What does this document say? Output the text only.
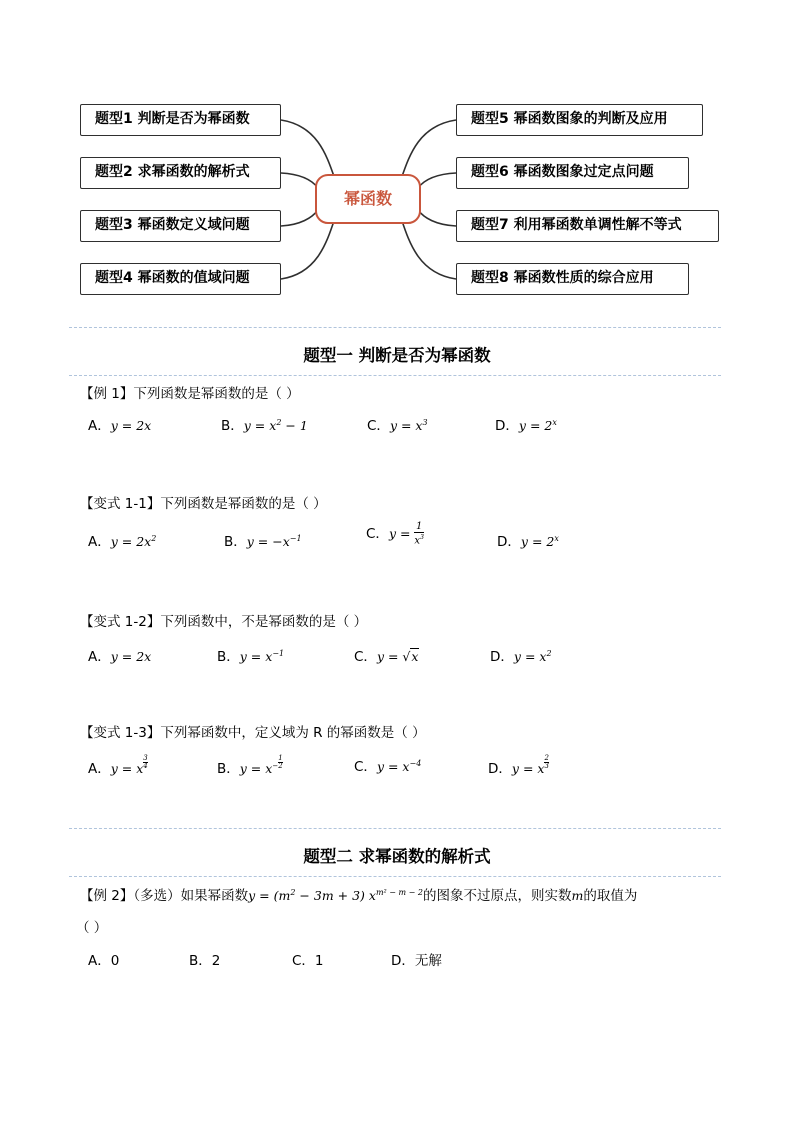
题型1 判断是否为幂函数
题型2 求幂函数的解析式
题型3 幂函数定义域问题
题型4 幂函数的值域问题
幂函数
题型5 幂函数图象的判断及应用
题型6 幂函数图象过定点问题
题型7 利用幂函数单调性解不等式
题型8 幂函数性质的综合应用
题型一 判断是否为幂函数
【例 1】下列函数是幂函数的是（ ）
A．y = 2x	B．$y = x^2 - 1$	C．$y = x^3$	D．$y = 2^x$
【变式 1-1】下列函数是幂函数的是（ ）
A．$y = 2x^2$	B．$y = -x^{-1}$	C．$y = \frac{1}{x^3}$	D．$y = 2^x$
【变式 1-2】下列函数中，不是幂函数的是（ ）
A．y = 2x	B．$y = x^{-1}$	C．y = √x	D．$y = x^2$
【变式 1-3】下列幂函数中，定义域为 R 的幂函数是（ ）
A．y = x $\frac{3}{4}$	B．$y = x - \frac{1}{2}$	C．$y = x^{-4}$	D．y = x $\frac{2}{3}$
题型二 求幂函数的解析式
【例 2】（多选）如果幂函数$y = (m^2 - 3m + 3)$ $x^{m^2 - m - 2}$的图象不过原点，则实数m的取值为
（ ）
A．0	B．2	C．1	D．无解
